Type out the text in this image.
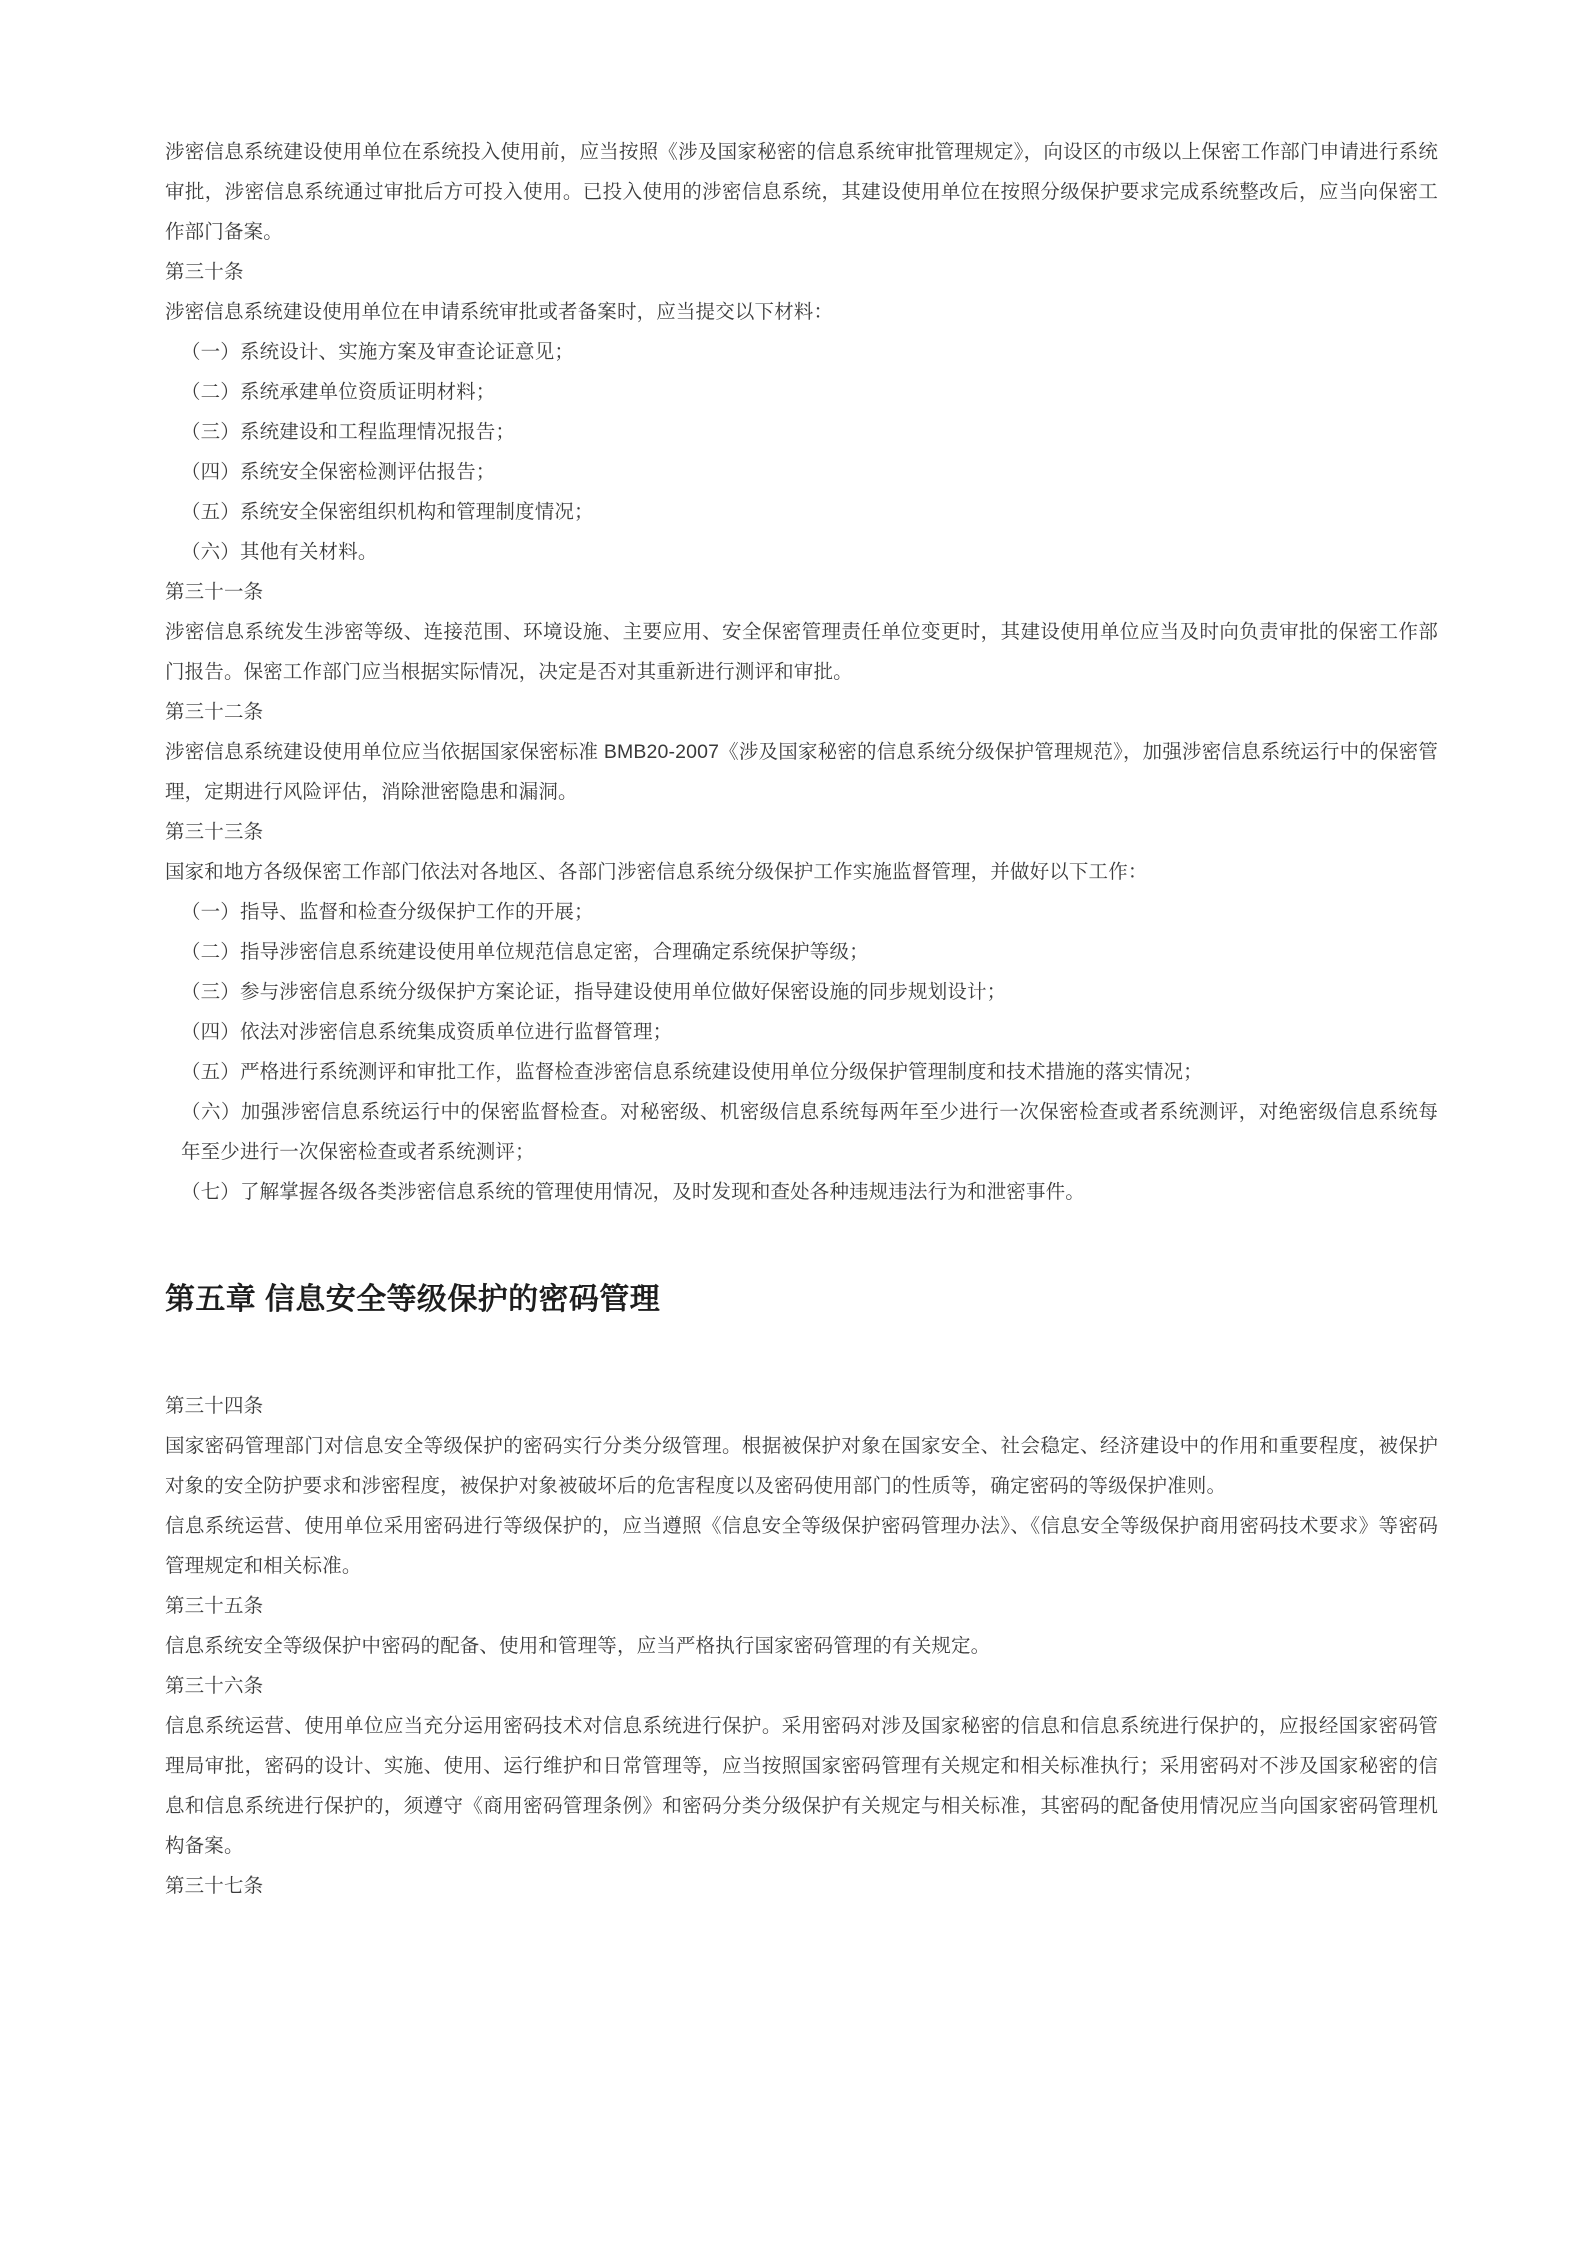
涉密信息系统建设使用单位在系统投入使用前，应当按照《涉及国家秘密的信息系统审批管理规定》，向设区的市级以上保密工作部门申请进行系统审批，涉密信息系统通过审批后方可投入使用。已投入使用的涉密信息系统，其建设使用单位在按照分级保护要求完成系统整改后，应当向保密工作部门备案。

第三十条

涉密信息系统建设使用单位在申请系统审批或者备案时，应当提交以下材料：

（一）系统设计、实施方案及审查论证意见；

（二）系统承建单位资质证明材料；

（三）系统建设和工程监理情况报告；

（四）系统安全保密检测评估报告；

（五）系统安全保密组织机构和管理制度情况；

（六）其他有关材料。

第三十一条

涉密信息系统发生涉密等级、连接范围、环境设施、主要应用、安全保密管理责任单位变更时，其建设使用单位应当及时向负责审批的保密工作部门报告。保密工作部门应当根据实际情况，决定是否对其重新进行测评和审批。

第三十二条

涉密信息系统建设使用单位应当依据国家保密标准 BMB20-2007《涉及国家秘密的信息系统分级保护管理规范》，加强涉密信息系统运行中的保密管理，定期进行风险评估，消除泄密隐患和漏洞。

第三十三条

国家和地方各级保密工作部门依法对各地区、各部门涉密信息系统分级保护工作实施监督管理，并做好以下工作：

（一）指导、监督和检查分级保护工作的开展；

（二）指导涉密信息系统建设使用单位规范信息定密，合理确定系统保护等级；

（三）参与涉密信息系统分级保护方案论证，指导建设使用单位做好保密设施的同步规划设计；

（四）依法对涉密信息系统集成资质单位进行监督管理；

（五）严格进行系统测评和审批工作，监督检查涉密信息系统建设使用单位分级保护管理制度和技术措施的落实情况；

（六）加强涉密信息系统运行中的保密监督检查。对秘密级、机密级信息系统每两年至少进行一次保密检查或者系统测评，对绝密级信息系统每年至少进行一次保密检查或者系统测评；

（七）了解掌握各级各类涉密信息系统的管理使用情况，及时发现和查处各种违规违法行为和泄密事件。

第五章 信息安全等级保护的密码管理

第三十四条

国家密码管理部门对信息安全等级保护的密码实行分类分级管理。根据被保护对象在国家安全、社会稳定、经济建设中的作用和重要程度，被保护对象的安全防护要求和涉密程度，被保护对象被破坏后的危害程度以及密码使用部门的性质等，确定密码的等级保护准则。

信息系统运营、使用单位采用密码进行等级保护的，应当遵照《信息安全等级保护密码管理办法》、《信息安全等级保护商用密码技术要求》等密码管理规定和相关标准。

第三十五条

信息系统安全等级保护中密码的配备、使用和管理等，应当严格执行国家密码管理的有关规定。

第三十六条

信息系统运营、使用单位应当充分运用密码技术对信息系统进行保护。采用密码对涉及国家秘密的信息和信息系统进行保护的，应报经国家密码管理局审批，密码的设计、实施、使用、运行维护和日常管理等，应当按照国家密码管理有关规定和相关标准执行；采用密码对不涉及国家秘密的信息和信息系统进行保护的，须遵守《商用密码管理条例》和密码分类分级保护有关规定与相关标准，其密码的配备使用情况应当向国家密码管理机构备案。

第三十七条
